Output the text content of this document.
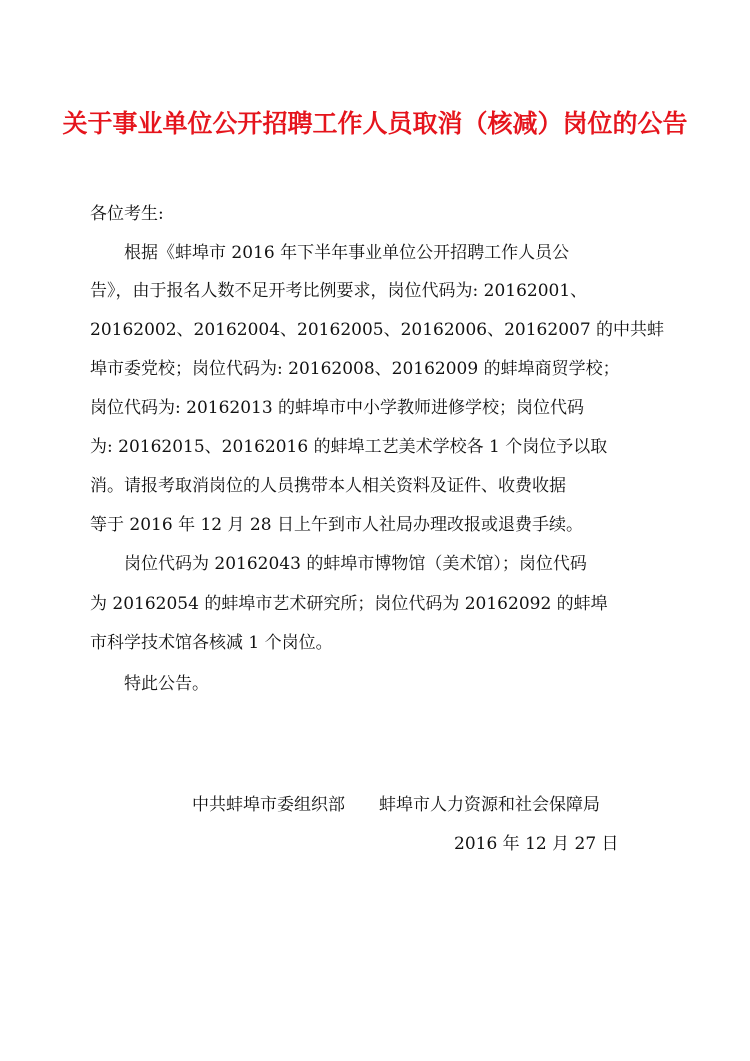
关于事业单位公开招聘工作人员取消（核减）岗位的公告
各位考生:
根据《蚌埠市 2016 年下半年事业单位公开招聘工作人员公
告》，由于报名人数不足开考比例要求，岗位代码为: 20162001、
20162002、20162004、20162005、20162006、20162007 的中共蚌
埠市委党校；岗位代码为: 20162008、20162009 的蚌埠商贸学校；
岗位代码为: 20162013 的蚌埠市中小学教师进修学校；岗位代码
为: 20162015、20162016 的蚌埠工艺美术学校各 1 个岗位予以取
消。请报考取消岗位的人员携带本人相关资料及证件、收费收据
等于 2016 年 12 月 28 日上午到市人社局办理改报或退费手续。
岗位代码为 20162043 的蚌埠市博物馆（美术馆）；岗位代码
为 20162054 的蚌埠市艺术研究所；岗位代码为 20162092 的蚌埠
市科学技术馆各核减 1 个岗位。
特此公告。
中共蚌埠市委组织部 蚌埠市人力资源和社会保障局
2016 年 12 月 27 日
